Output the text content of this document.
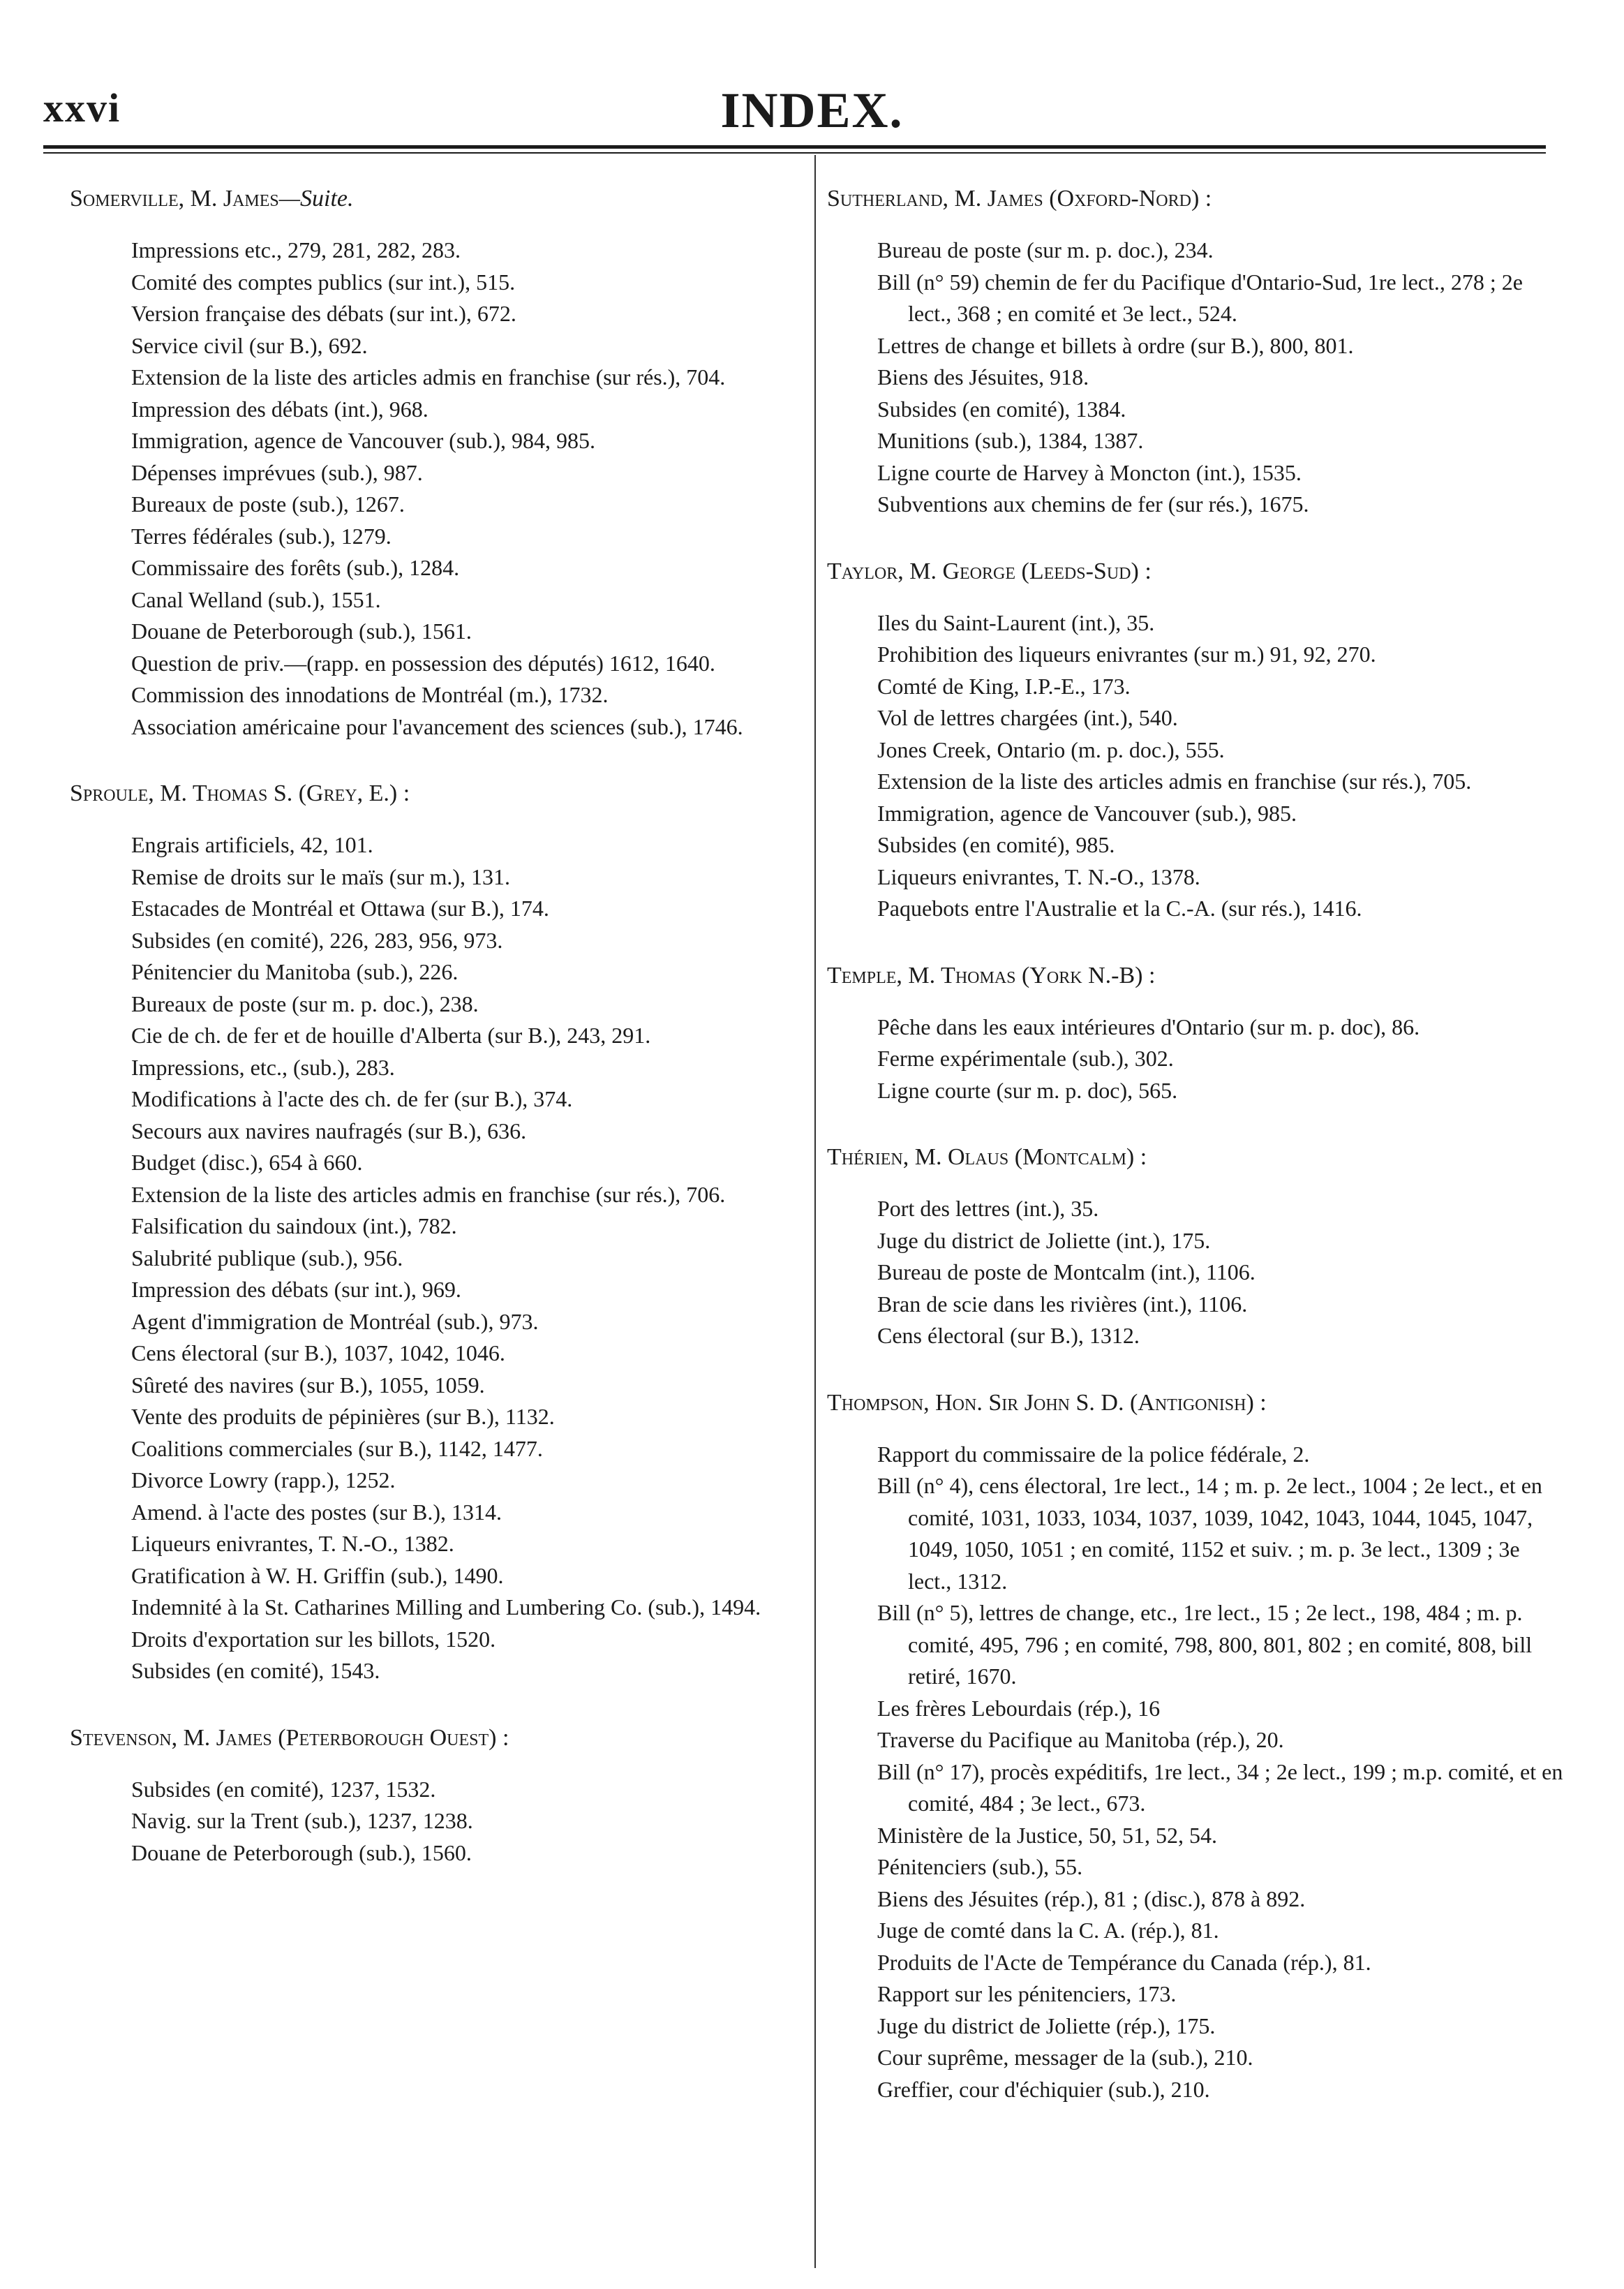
xxvi	INDEX.
Somerville, M. James—Suite.
Impressions etc., 279, 281, 282, 283.
Comité des comptes publics (sur int.), 515.
Version française des débats (sur int.), 672.
Service civil (sur B.), 692.
Extension de la liste des articles admis en franchise (sur rés.), 704.
Impression des débats (int.), 968.
Immigration, agence de Vancouver (sub.), 984, 985.
Dépenses imprévues (sub.), 987.
Bureaux de poste (sub.), 1267.
Terres fédérales (sub.), 1279.
Commissaire des forêts (sub.), 1284.
Canal Welland (sub.), 1551.
Douane de Peterborough (sub.), 1561.
Question de priv.—(rapp. en possession des députés) 1612, 1640.
Commission des innodations de Montréal (m.), 1732.
Association américaine pour l'avancement des sciences (sub.), 1746.
Sproule, M. Thomas S. (Grey, E.) :
Engrais artificiels, 42, 101.
Remise de droits sur le maïs (sur m.), 131.
Estacades de Montréal et Ottawa (sur B.), 174.
Subsides (en comité), 226, 283, 956, 973.
Pénitencier du Manitoba (sub.), 226.
Bureaux de poste (sur m. p. doc.), 238.
Cie de ch. de fer et de houille d'Alberta (sur B.), 243, 291.
Impressions, etc., (sub.), 283.
Modifications à l'acte des ch. de fer (sur B.), 374.
Secours aux navires naufragés (sur B.), 636.
Budget (disc.), 654 à 660.
Extension de la liste des articles admis en franchise (sur rés.), 706.
Falsification du saindoux (int.), 782.
Salubrité publique (sub.), 956.
Impression des débats (sur int.), 969.
Agent d'immigration de Montréal (sub.), 973.
Cens électoral (sur B.), 1037, 1042, 1046.
Sûreté des navires (sur B.), 1055, 1059.
Vente des produits de pépinières (sur B.), 1132.
Coalitions commerciales (sur B.), 1142, 1477.
Divorce Lowry (rapp.), 1252.
Amend. à l'acte des postes (sur B.), 1314.
Liqueurs enivrantes, T. N.-O., 1382.
Gratification à W. H. Griffin (sub.), 1490.
Indemnité à la St. Catharines Milling and Lumbering Co. (sub.), 1494.
Droits d'exportation sur les billots, 1520.
Subsides (en comité), 1543.
Stevenson, M. James (Peterborough Ouest) :
Subsides (en comité), 1237, 1532.
Navig. sur la Trent (sub.), 1237, 1238.
Douane de Peterborough (sub.), 1560.
Sutherland, M. James (Oxford-Nord) :
Bureau de poste (sur m. p. doc.), 234.
Bill (n° 59) chemin de fer du Pacifique d'Ontario-Sud, 1re lect., 278 ; 2e lect., 368 ; en comité et 3e lect., 524.
Lettres de change et billets à ordre (sur B.), 800, 801.
Biens des Jésuites, 918.
Subsides (en comité), 1384.
Munitions (sub.), 1384, 1387.
Ligne courte de Harvey à Moncton (int.), 1535.
Subventions aux chemins de fer (sur rés.), 1675.
Taylor, M. George (Leeds-Sud) :
Iles du Saint-Laurent (int.), 35.
Prohibition des liqueurs enivrantes (sur m.) 91, 92, 270.
Comté de King, I.P.-E., 173.
Vol de lettres chargées (int.), 540.
Jones Creek, Ontario (m. p. doc.), 555.
Extension de la liste des articles admis en franchise (sur rés.), 705.
Immigration, agence de Vancouver (sub.), 985.
Subsides (en comité), 985.
Liqueurs enivrantes, T. N.-O., 1378.
Paquebots entre l'Australie et la C.-A. (sur rés.), 1416.
Temple, M. Thomas (York N.-B) :
Pêche dans les eaux intérieures d'Ontario (sur m. p. doc), 86.
Ferme expérimentale (sub.), 302.
Ligne courte (sur m. p. doc), 565.
Thérien, M. Olaus (Montcalm) :
Port des lettres (int.), 35.
Juge du district de Joliette (int.), 175.
Bureau de poste de Montcalm (int.), 1106.
Bran de scie dans les rivières (int.), 1106.
Cens électoral (sur B.), 1312.
Thompson, Hon. Sir John S. D. (Antigonish) :
Rapport du commissaire de la police fédérale, 2.
Bill (n° 4), cens électoral, 1re lect., 14 ; m. p. 2e lect., 1004 ; 2e lect., et en comité, 1031, 1033, 1034, 1037, 1039, 1042, 1043, 1044, 1045, 1047, 1049, 1050, 1051 ; en comité, 1152 et suiv. ; m. p. 3e lect., 1309 ; 3e lect., 1312.
Bill (n° 5), lettres de change, etc., 1re lect., 15 ; 2e lect., 198, 484 ; m. p. comité, 495, 796 ; en comité, 798, 800, 801, 802 ; en comité, 808, bill retiré, 1670.
Les frères Lebourdais (rép.), 16
Traverse du Pacifique au Manitoba (rép.), 20.
Bill (n° 17), procès expéditifs, 1re lect., 34 ; 2e lect., 199 ; m.p. comité, et en comité, 484 ; 3e lect., 673.
Ministère de la Justice, 50, 51, 52, 54.
Pénitenciers (sub.), 55.
Biens des Jésuites (rép.), 81 ; (disc.), 878 à 892.
Juge de comté dans la C. A. (rép.), 81.
Produits de l'Acte de Tempérance du Canada (rép.), 81.
Rapport sur les pénitenciers, 173.
Juge du district de Joliette (rép.), 175.
Cour suprême, messager de la (sub.), 210.
Greffier, cour d'échiquier (sub.), 210.
